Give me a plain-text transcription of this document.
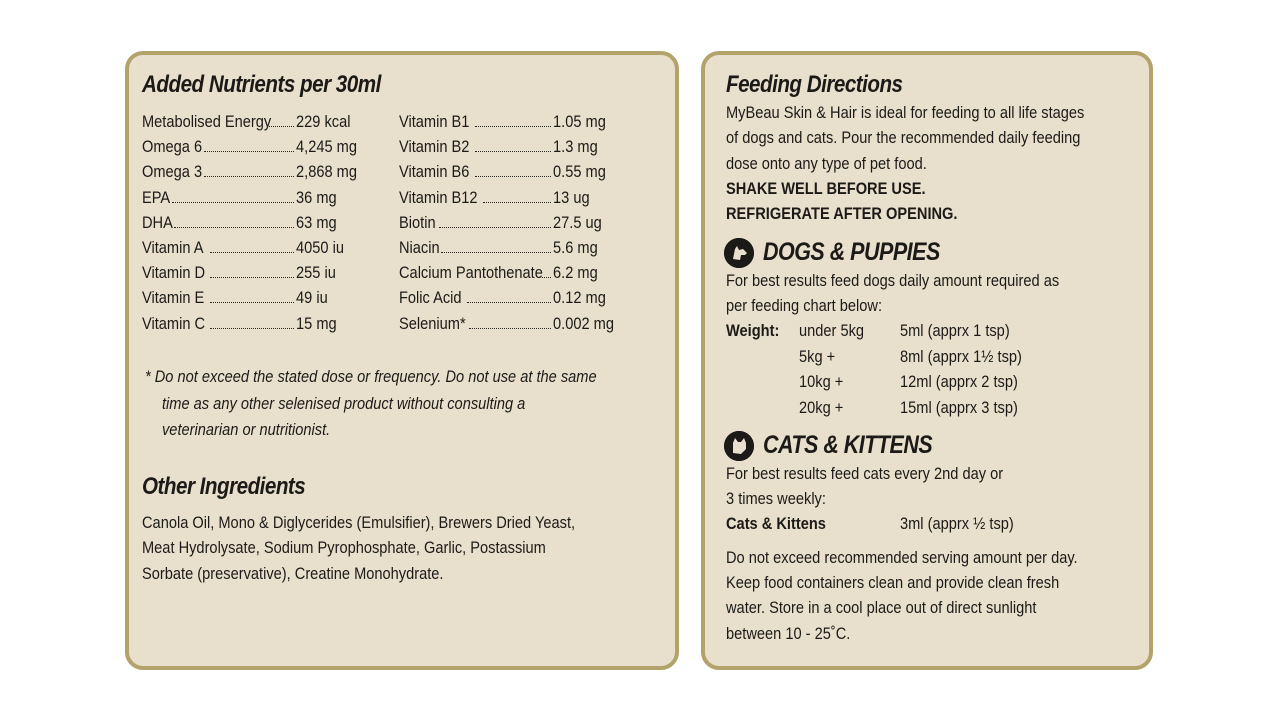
Added Nutrients per 30ml
Metabolised Energy 229 kcal
Omega 6	4,245 mg
Omega 3	2,868 mg
EPA	36 mg
DHA	63 mg
Vitamin A	4050 iu
Vitamin D	255 iu
Vitamin E	49 iu
Vitamin C	15 mg
Vitamin B1	1.05 mg
Vitamin B2	1.3 mg
Vitamin B6	0.55 mg
Vitamin B12	13 ug
Biotin	27.5 ug
Niacin	5.6 mg
Calcium Pantothenate 6.2 mg
Folic Acid	0.12 mg
Selenium*	0.002 mg
* Do not exceed the stated dose or frequency. Do not use at the same
time as any other selenised product without consulting a
veterinarian or nutritionist.
Other Ingredients
Canola Oil, Mono & Diglycerides (Emulsifier), Brewers Dried Yeast,
Meat Hydrolysate, Sodium Pyrophosphate, Garlic, Postassium
Sorbate (preservative), Creatine Monohydrate.
Feeding Directions
MyBeau Skin & Hair is ideal for feeding to all life stages
of dogs and cats. Pour the recommended daily feeding
dose onto any type of pet food.
SHAKE WELL BEFORE USE.
REFRIGERATE AFTER OPENING.
DOGS & PUPPIES
For best results feed dogs daily amount required as
per feeding chart below:
Weight: under 5kg 5ml (apprx 1 tsp)
5kg +	8ml (apprx 1½ tsp)
10kg +	12ml (apprx 2 tsp)
20kg +	15ml (apprx 3 tsp)
CATS & KITTENS
For best results feed cats every 2nd day or
3 times weekly:
Cats & Kittens	3ml (apprx ½ tsp)
Do not exceed recommended serving amount per day.
Keep food containers clean and provide clean fresh
water. Store in a cool place out of direct sunlight
between 10 - 25˚C.
